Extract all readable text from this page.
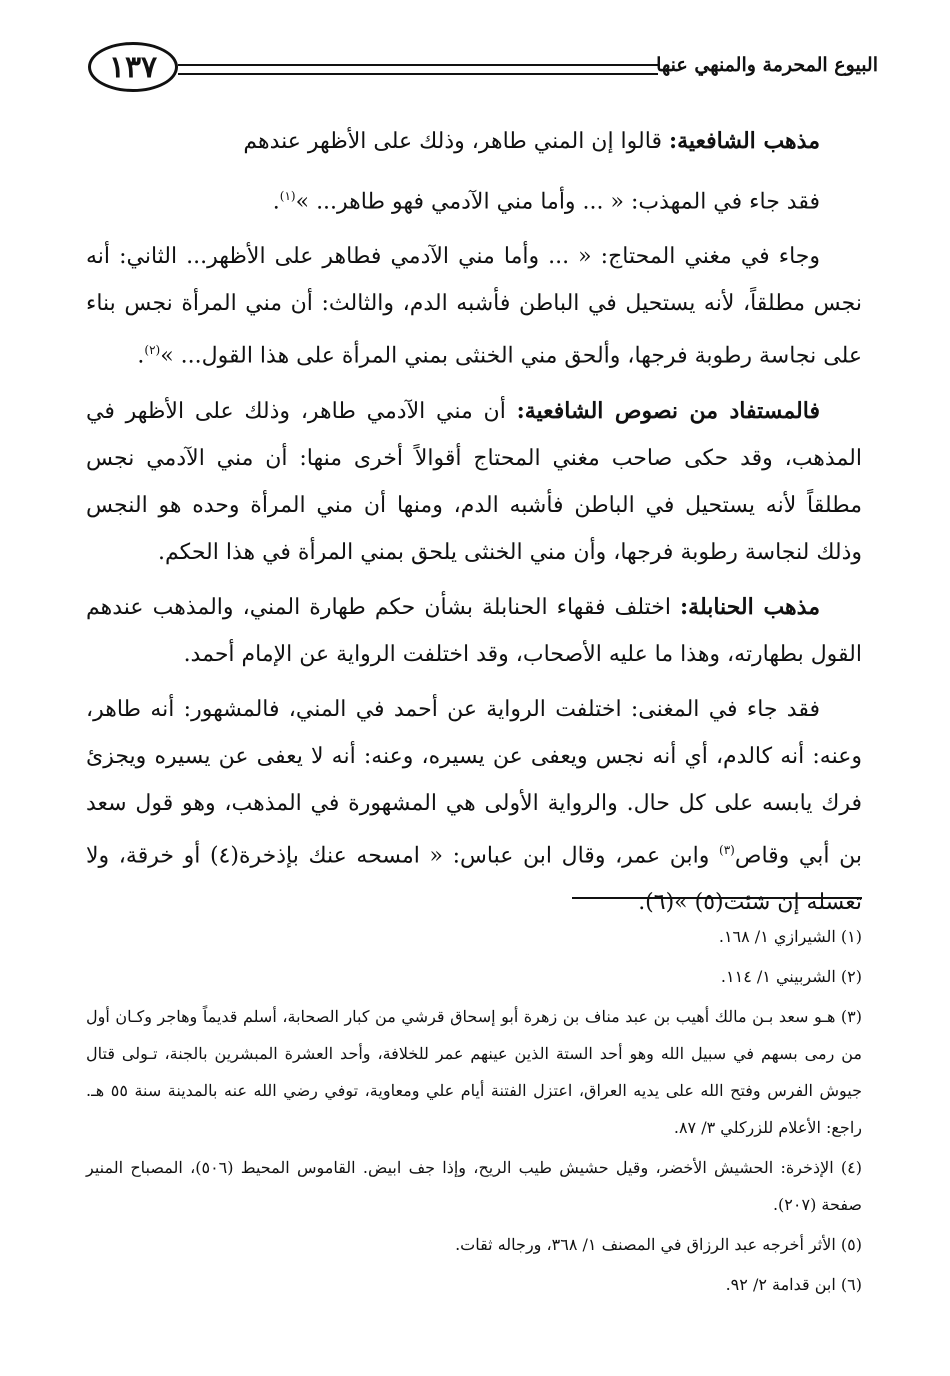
١٣٧	البيوع المحرمة والمنهي عنها

مذهب الشافعية: قالوا إن المني طاهر، وذلك على الأظهر عندهم

فقد جاء في المهذب: « ... وأما مني الآدمي فهو طاهر... »$^{(١)}$.

وجاء في مغني المحتاج: « ... وأما مني الآدمي فطاهر على الأظهر... الثاني: أنه نجس مطلقاً، لأنه يستحيل في الباطن فأشبه الدم، والثالث: أن مني المرأة نجس بناء على نجاسة رطوبة فرجها، وألحق مني الخنثى بمني المرأة على هذا القول... »$^{(٢)}$.

فالمستفاد من نصوص الشافعية: أن مني الآدمي طاهر، وذلك على الأظهر في المذهب، وقد حكى صاحب مغني المحتاج أقوالاً أخرى منها: أن مني الآدمي نجس مطلقاً لأنه يستحيل في الباطن فأشبه الدم، ومنها أن مني المرأة وحده هو النجس وذلك لنجاسة رطوبة فرجها، وأن مني الخنثى يلحق بمني المرأة في هذا الحكم.

مذهب الحنابلة: اختلف فقهاء الحنابلة بشأن حكم طهارة المني، والمذهب عندهم القول بطهارته، وهذا ما عليه الأصحاب، وقد اختلفت الرواية عن الإمام أحمد.

فقد جاء في المغنى: اختلفت الرواية عن أحمد في المني، فالمشهور: أنه طاهر، وعنه: أنه كالدم، أي أنه نجس ويعفى عن يسيره، وعنه: أنه لا يعفى عن يسيره ويجزئ فرك يابسه على كل حال. والرواية الأولى هي المشهورة في المذهب، وهو قول سعد بن أبي وقاص$^{(٣)}$ وابن عمر، وقال ابن عباس: « امسحه عنك بإذخرة(٤) أو خرقة، ولا تغسله إن شئت(٥) »(٦).

(١) الشيرازي ١/ ١٦٨.

(٢) الشربيني ١/ ١١٤.

(٣) هـو سعد بـن مالك أهيب بن عبد مناف بن زهرة أبو إسحاق قرشي من كبار الصحابة، أسلم قديماً وهاجر وكـان أول من رمى بسهم في سبيل الله وهو أحد الستة الذين عينهم عمر للخلافة، وأحد العشرة المبشرين بالجنة، تـولى قتال جيوش الفرس وفتح الله على يديه العراق، اعتزل الفتنة أيام علي ومعاوية، توفي رضي الله عنه بالمدينة سنة ٥٥ هـ. راجع: الأعلام للزركلي ٣/ ٨٧.

(٤) الإذخرة: الحشيش الأخضر، وقيل حشيش طيب الريح، وإذا جف ابيض. القاموس المحيط (٥٠٦)، المصباح المنير صفحة (٢٠٧).

(٥) الأثر أخرجه عبد الرزاق في المصنف ١/ ٣٦٨، ورجاله ثقات.

(٦) ابن قدامة ٢/ ٩٢.
